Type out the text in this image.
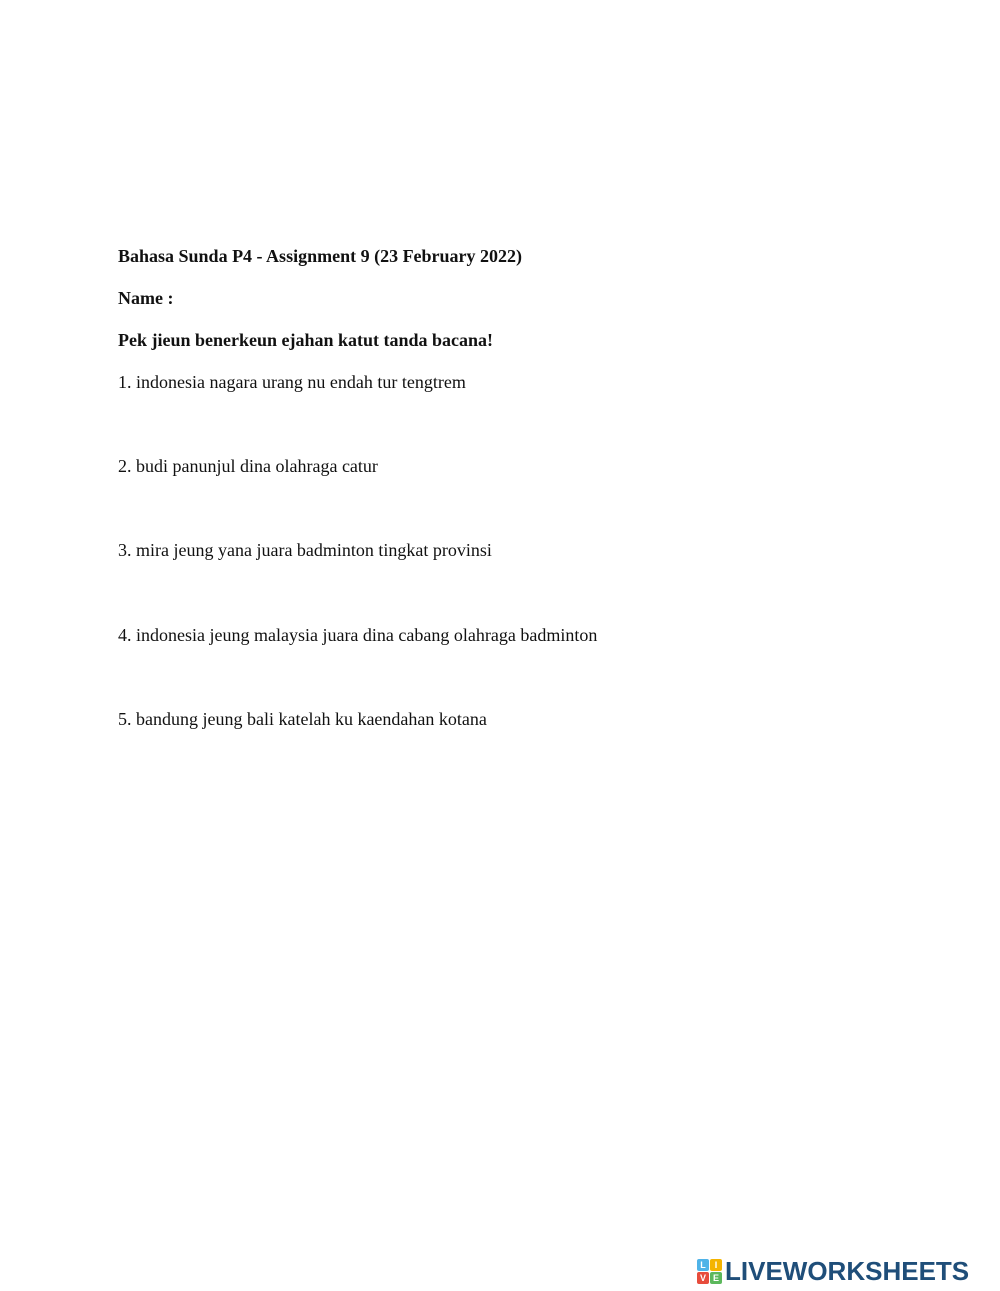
Bahasa Sunda P4 - Assignment 9 (23 February 2022)
Name :
Pek jieun benerkeun ejahan katut tanda bacana!
1. indonesia nagara urang nu endah tur tengtrem
2. budi panunjul dina olahraga catur
3. mira jeung yana juara badminton tingkat provinsi
4. indonesia jeung malaysia juara dina cabang olahraga badminton
5. bandung jeung bali katelah ku kaendahan kotana
L I
V E LIVEWORKSHEETS
